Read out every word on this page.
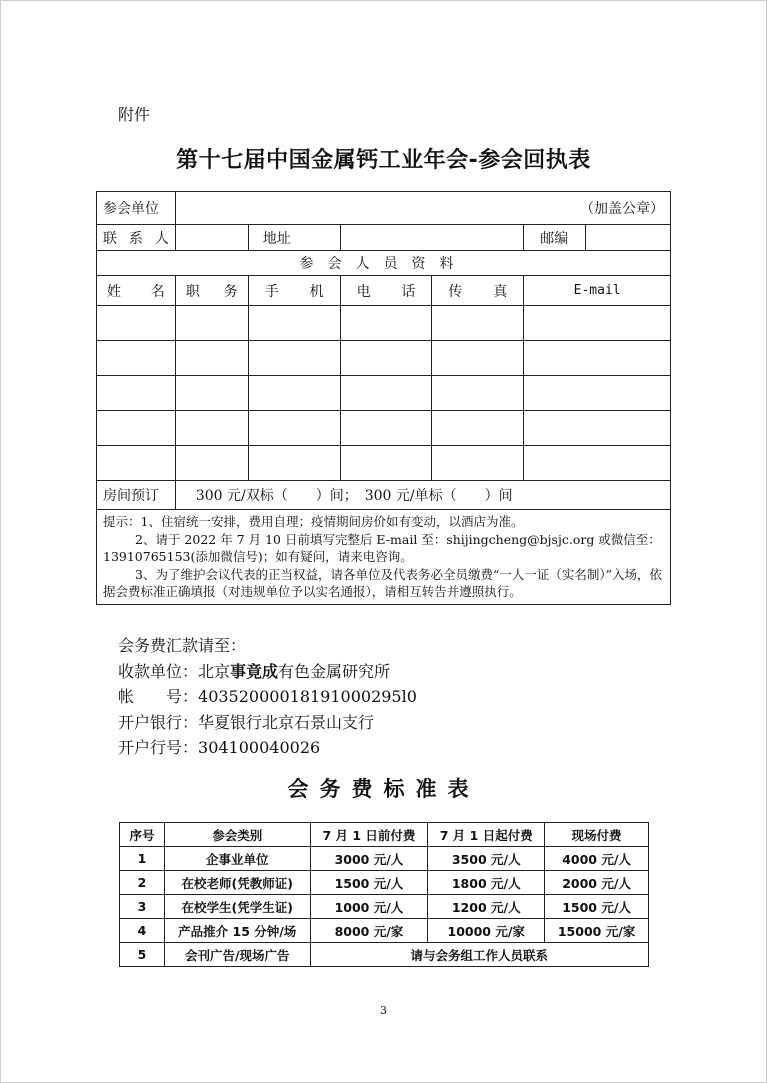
附件
第十七届中国金属钙工业年会-参会回执表
参会单位	（加盖公章）					
联 系 人		地址			邮编	
参会人员资料						
姓名	职务	手机	电话	传真	E-mail	

房间预订	300 元/双标（　　）间；　300 元/单标（　　）间					

提示：1、住宿统一安排，费用自理；疫情期间房价如有变动，以酒店为准。
2、请于 2022 年 7 月 10 日前填写完整后 E-mail 至：shijingcheng@bjsjc.org 或微信至：13910765153(添加微信号)；如有疑问，请来电咨询。
3、为了维护会议代表的正当权益，请各单位及代表务必全员缴费“一人一证（实名制）”入场，依据会费标准正确填报（对违规单位予以实名通报），请相互转告并遵照执行。						
会务费汇款请至：
收款单位：北京事竟成有色金属研究所
帐　　号：40352000018191000295l0
开户银行：华夏银行北京石景山支行
开户行号：304100040026
会务费标准表
序号	参会类别	7 月 1 日前付费	7 月 1 日起付费	现场付费
1	企事业单位	3000 元/人	3500 元/人	4000 元/人
2	在校老师(凭教师证)	1500 元/人	1800 元/人	2000 元/人
3	在校学生(凭学生证)	1000 元/人	1200 元/人	1500 元/人
4	产品推介 15 分钟/场	8000 元/家	10000 元/家	15000 元/家
5	会刊广告/现场广告	请与会务组工作人员联系		
3
